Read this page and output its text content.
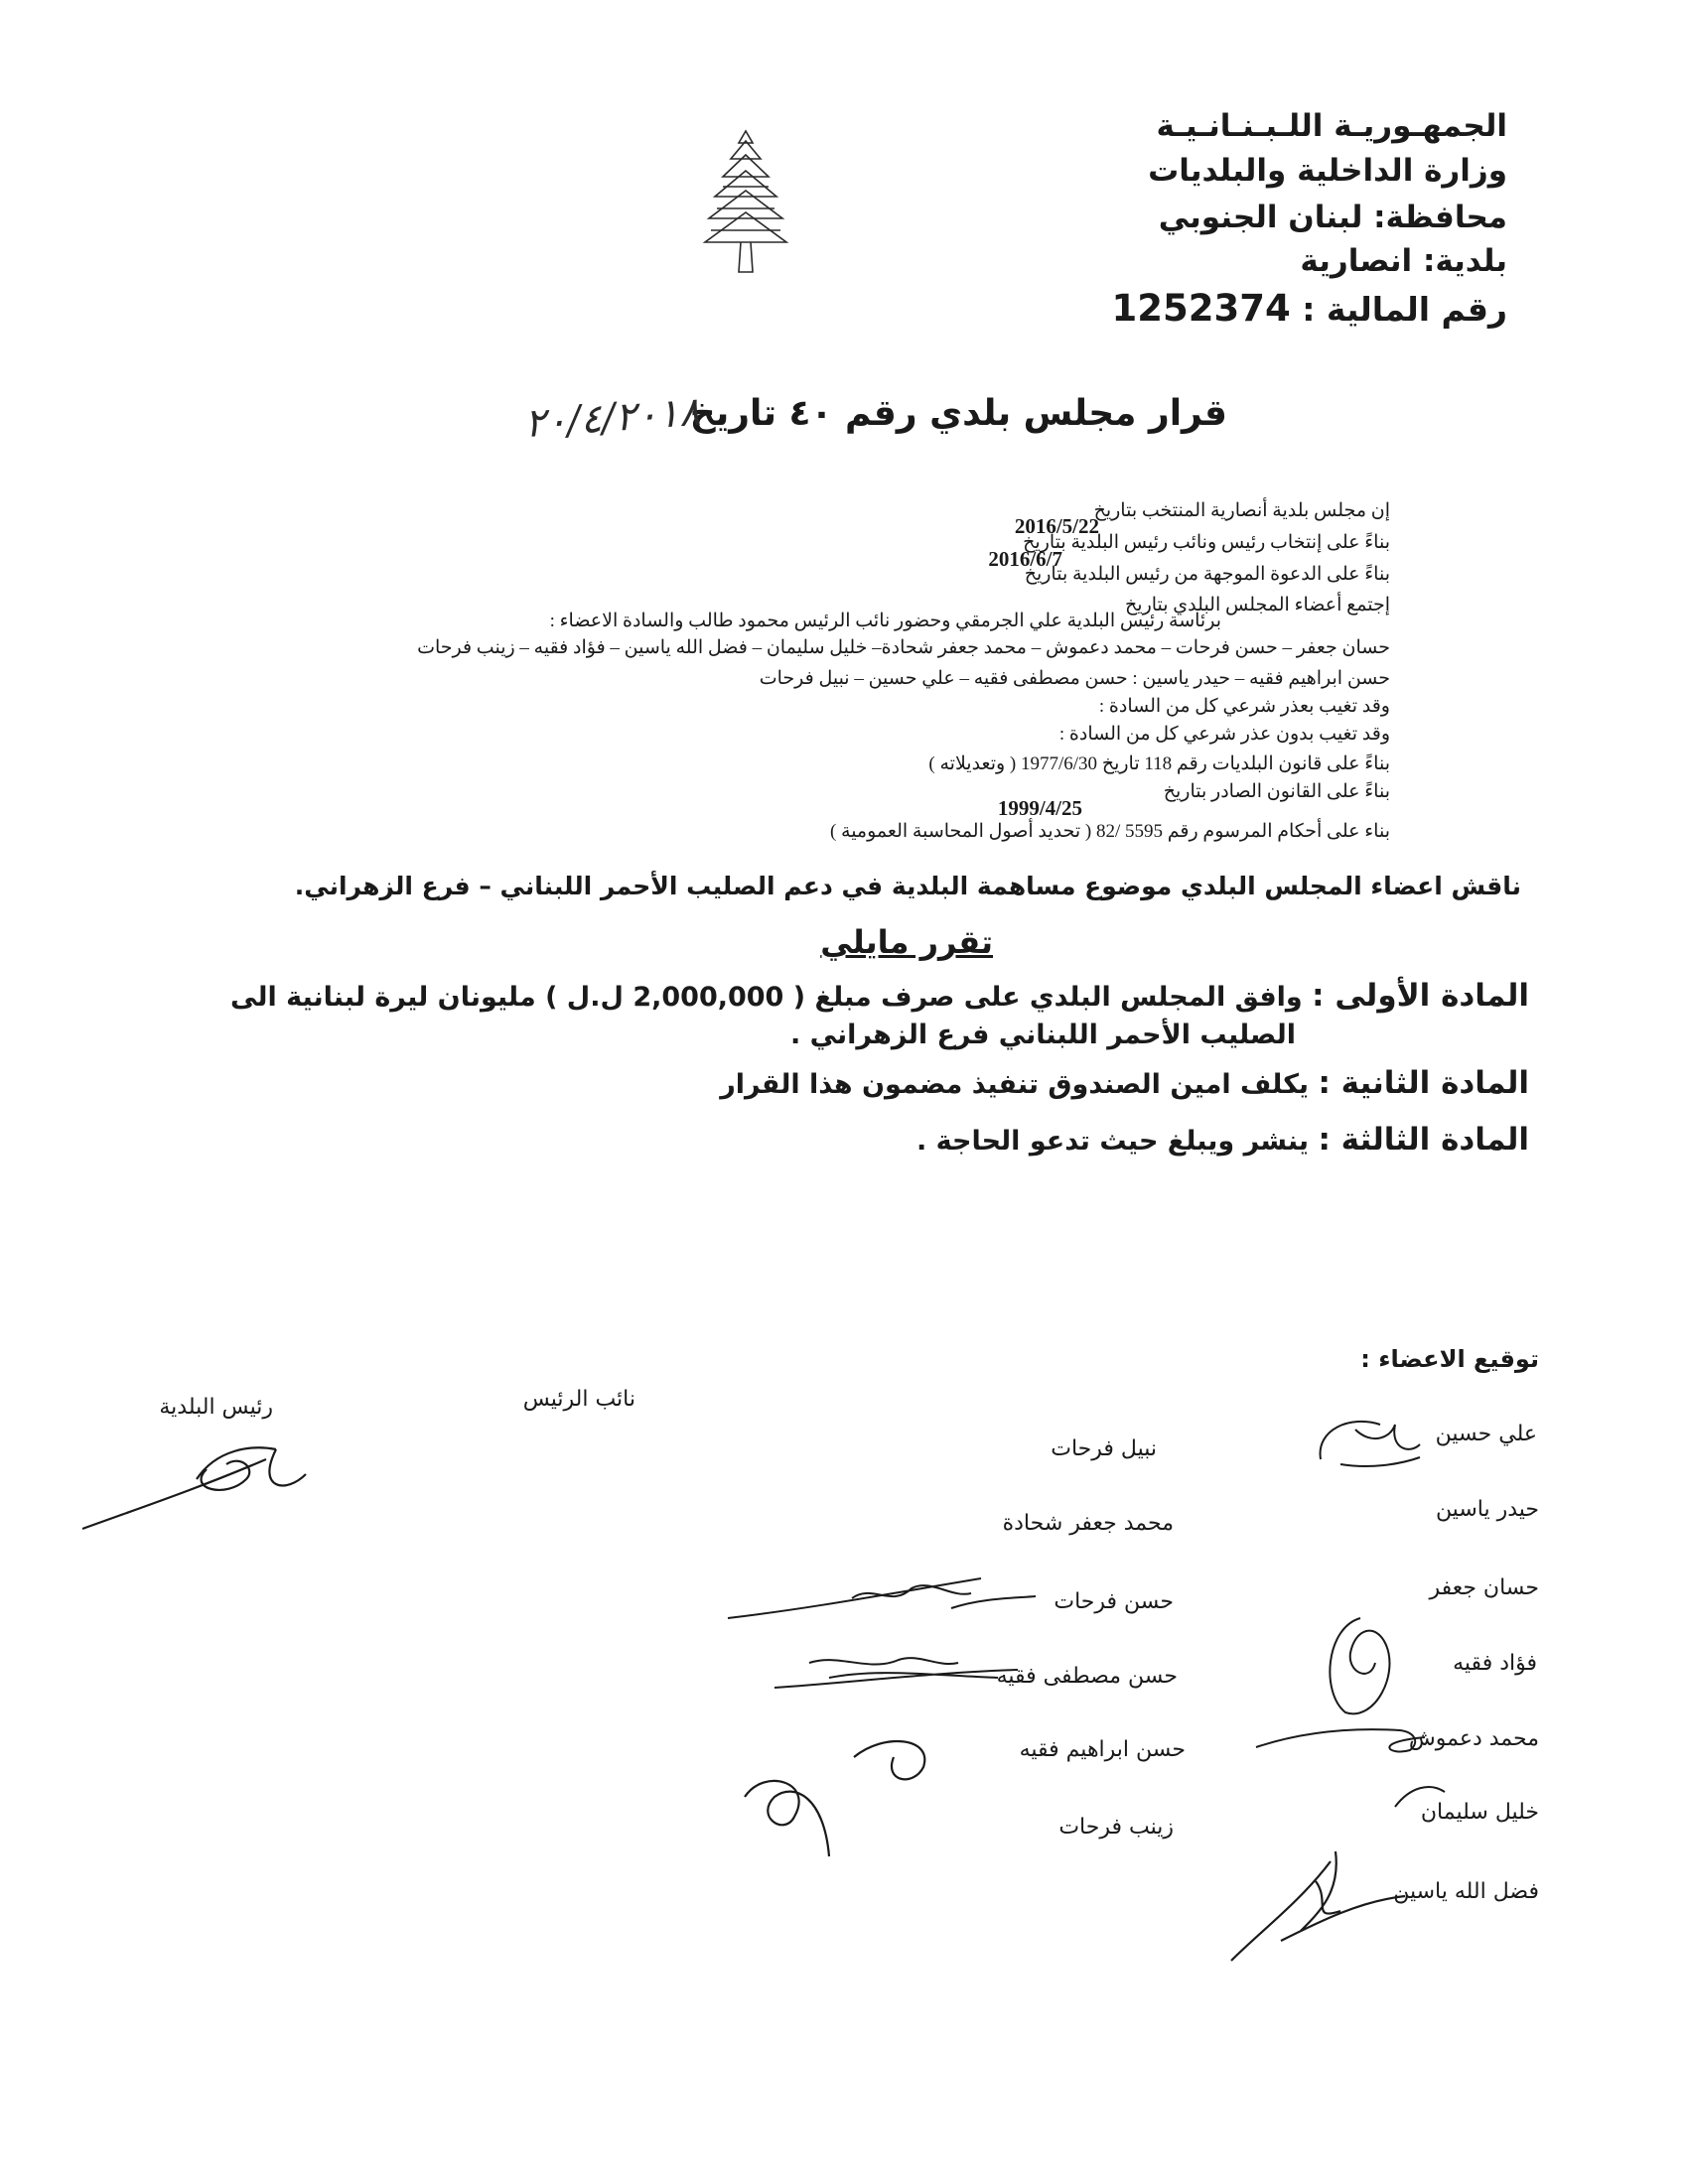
الجمهـوريـة اللـبـنـانـيـة
وزارة الداخلية والبلديات
محافظة: لبنان الجنوبي
بلدية: انصارية
رقم المالية : 1252374
قرار مجلس بلدي رقم ٤٠ تاريخ
٢٠/٤/٢٠١٨
إن مجلس بلدية أنصارية المنتخب بتاريخ
2016/5/22
بناءً على إنتخاب رئيس ونائب رئيس البلدية بتاريخ
2016/6/7
بناءً على الدعوة الموجهة من رئيس البلدية بتاريخ
إجتمع أعضاء المجلس البلدي بتاريخ
برئاسة رئيس البلدية علي الجرمقي وحضور نائب الرئيس محمود طالب والسادة الاعضاء :
حسان جعفر – حسن فرحات – محمد دعموش – محمد جعفر شحادة– خليل سليمان – فضل الله ياسين – فؤاد فقيه – زينب فرحات
حسن ابراهيم فقيه – حيدر ياسين : حسن مصطفى فقيه – علي حسين – نبيل فرحات
وقد تغيب بعذر شرعي كل من السادة :
وقد تغيب بدون عذر شرعي كل من السادة :
بناءً على قانون البلديات رقم 118 تاريخ 1977/6/30 ( وتعديلاته )
بناءً على القانون الصادر بتاريخ
1999/4/25
بناء على أحكام المرسوم رقم 5595 /82 ( تحديد أصول المحاسبة العمومية )
ناقش اعضاء المجلس البلدي موضوع مساهمة البلدية في دعم الصليب الأحمر اللبناني – فرع الزهراني.
تقرر مايلي
المادة الأولى : وافق المجلس البلدي على صرف مبلغ ( 2,000,000 ل.ل ) مليونان ليرة لبنانية الى
الصليب الأحمر اللبناني فرع الزهراني .
المادة الثانية : يكلف امين الصندوق تنفيذ مضمون هذا القرار
المادة الثالثة : ينشر ويبلغ حيث تدعو الحاجة .
توقيع الاعضاء :
نائب الرئيس
رئيس البلدية
علي حسين
حيدر ياسين
حسان جعفر
فؤاد فقيه
محمد دعموش
خليل سليمان
فضل الله ياسين
نبيل فرحات
محمد جعفر شحادة
حسن فرحات
حسن مصطفى فقيه
حسن ابراهيم فقيه
زينب فرحات
